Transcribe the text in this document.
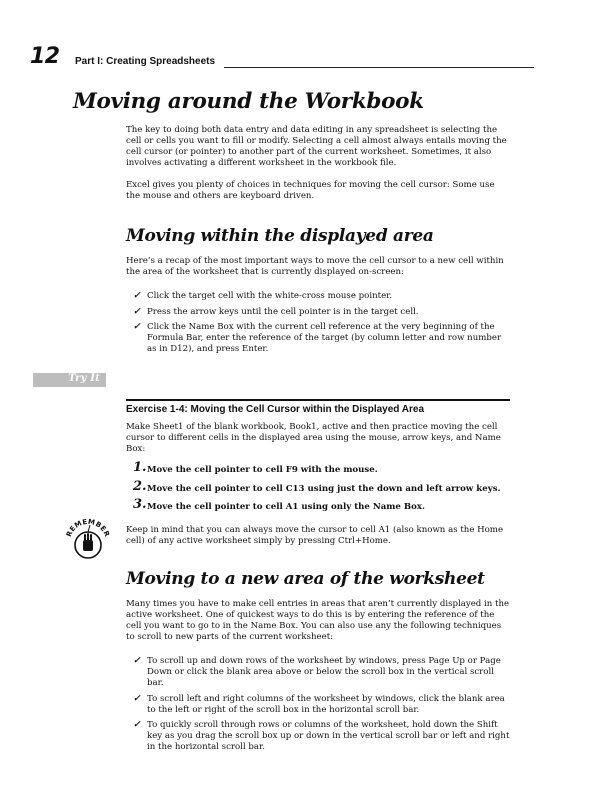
12 Part I: Creating Spreadsheets
Moving around the Workbook

The key to doing both data entry and data editing in any spreadsheet is selecting the cell or cells you want to fill or modify. Selecting a cell almost always entails moving the cell cursor (or pointer) to another part of the current worksheet. Sometimes, it also involves activating a different worksheet in the workbook file.

Excel gives you plenty of choices in techniques for moving the cell cursor: Some use the mouse and others are keyboard driven.

Moving within the displayed area

Here’s a recap of the most important ways to move the cell cursor to a new cell within the area of the worksheet that is currently displayed on-screen:

✓ Click the target cell with the white-cross mouse pointer.
✓ Press the arrow keys until the cell pointer is in the target cell.
✓ Click the Name Box with the current cell reference at the very beginning of the Formula Bar, enter the reference of the target (by column letter and row number as in D12), and press Enter.
Try It
Exercise 1-4: Moving the Cell Cursor within the Displayed Area

Make Sheet1 of the blank workbook, Book1, active and then practice moving the cell cursor to different cells in the displayed area using the mouse, arrow keys, and Name Box:

1. Move the cell pointer to cell F9 with the mouse.
2. Move the cell pointer to cell C13 using just the down and left arrow keys.
3. Move the cell pointer to cell A1 using only the Name Box.
REMEMBER Keep in mind that you can always move the cursor to cell A1 (also known as the Home cell) of any active worksheet simply by pressing Ctrl+Home.

Moving to a new area of the worksheet

Many times you have to make cell entries in areas that aren’t currently displayed in the active worksheet. One of quickest ways to do this is by entering the reference of the cell you want to go to in the Name Box. You can also use any the following techniques to scroll to new parts of the current worksheet:

✓ To scroll up and down rows of the worksheet by windows, press Page Up or Page Down or click the blank area above or below the scroll box in the vertical scroll bar.
✓ To scroll left and right columns of the worksheet by windows, click the blank area to the left or right of the scroll box in the horizontal scroll bar.
✓ To quickly scroll through rows or columns of the worksheet, hold down the Shift key as you drag the scroll box up or down in the vertical scroll bar or left and right in the horizontal scroll bar.
